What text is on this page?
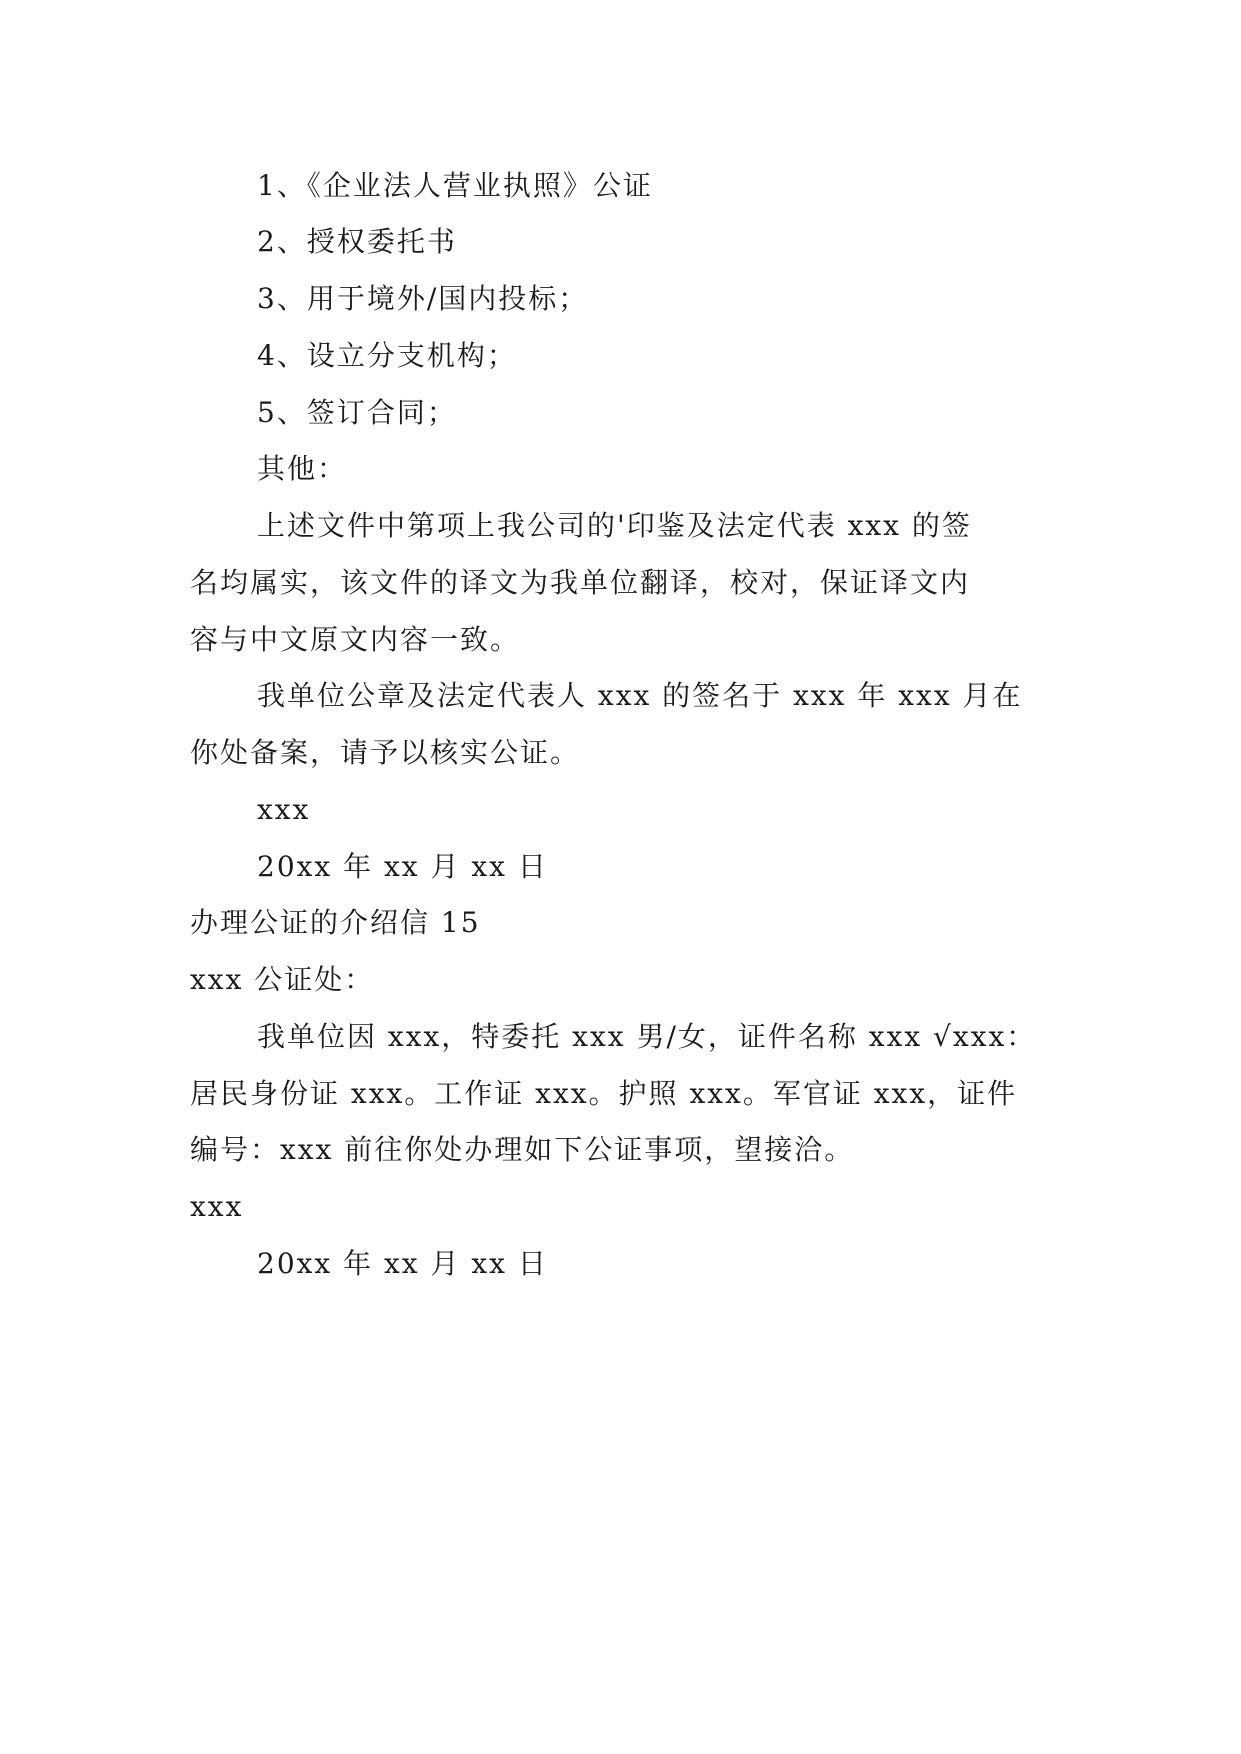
1、《企业法人营业执照》公证
2、授权委托书
3、用于境外/国内投标；
4、设立分支机构；
5、签订合同；
其他：
上述文件中第项上我公司的'印鉴及法定代表 xxx 的签
名均属实，该文件的译文为我单位翻译，校对，保证译文内
容与中文原文内容一致。
我单位公章及法定代表人 xxx 的签名于 xxx 年 xxx 月在
你处备案，请予以核实公证。
xxx
20xx 年 xx 月 xx 日
办理公证的介绍信 15
xxx 公证处：
我单位因 xxx，特委托 xxx 男/女，证件名称 xxx √xxx：
居民身份证 xxx。工作证 xxx。护照 xxx。军官证 xxx，证件
编号：xxx 前往你处办理如下公证事项，望接洽。
xxx
20xx 年 xx 月 xx 日
